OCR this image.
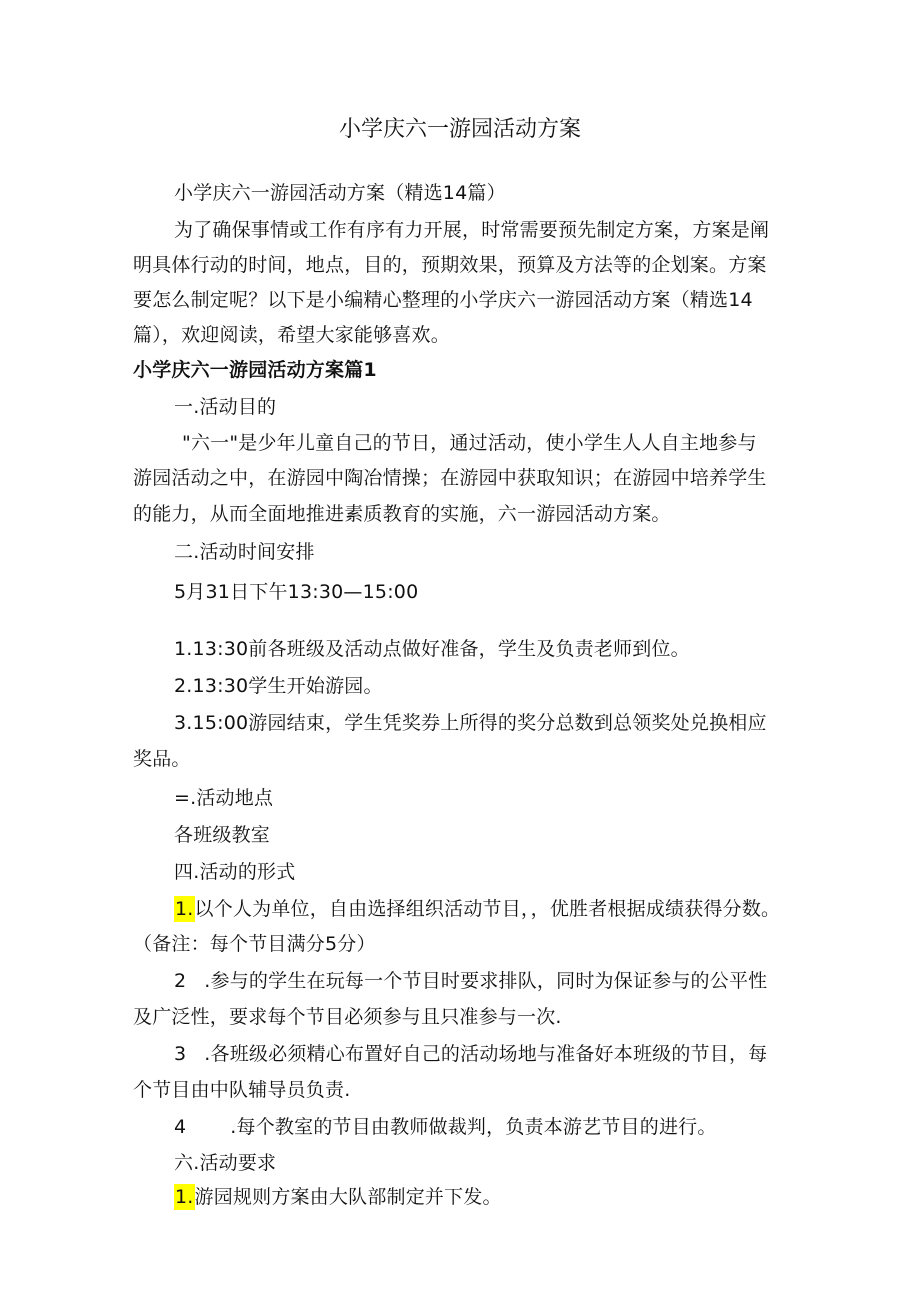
小学庆六一游园活动方案
小学庆六一游园活动方案（精选14篇）
为了确保事情或工作有序有力开展，时常需要预先制定方案，方案是阐
明具体行动的时间，地点，目的，预期效果，预算及方法等的企划案。方案
要怎么制定呢？以下是小编精心整理的小学庆六一游园活动方案（精选14
篇），欢迎阅读，希望大家能够喜欢。
小学庆六一游园活动方案篇1
一.活动目的
"六一"是少年儿童自己的节日，通过活动，使小学生人人自主地参与
游园活动之中，在游园中陶冶情操；在游园中获取知识；在游园中培养学生
的能力，从而全面地推进素质教育的实施，六一游园活动方案。
二.活动时间安排
5月31日下午13:30—15:00
1.13:30前各班级及活动点做好准备，学生及负责老师到位。
2.13:30学生开始游园。
3.15:00游园结束，学生凭奖券上所得的奖分总数到总领奖处兑换相应
奖品。
=.活动地点
各班级教室
四.活动的形式
1.以个人为单位，自由选择组织活动节目，，优胜者根据成绩获得分数。
（备注：每个节目满分5分）
2 .参与的学生在玩每一个节目时要求排队，同时为保证参与的公平性
及广泛性，要求每个节目必须参与且只准参与一次.
3 .各班级必须精心布置好自己的活动场地与准备好本班级的节目，每
个节目由中队辅导员负责.
4 .每个教室的节目由教师做裁判，负责本游艺节目的进行。
六.活动要求
1.游园规则方案由大队部制定并下发。
